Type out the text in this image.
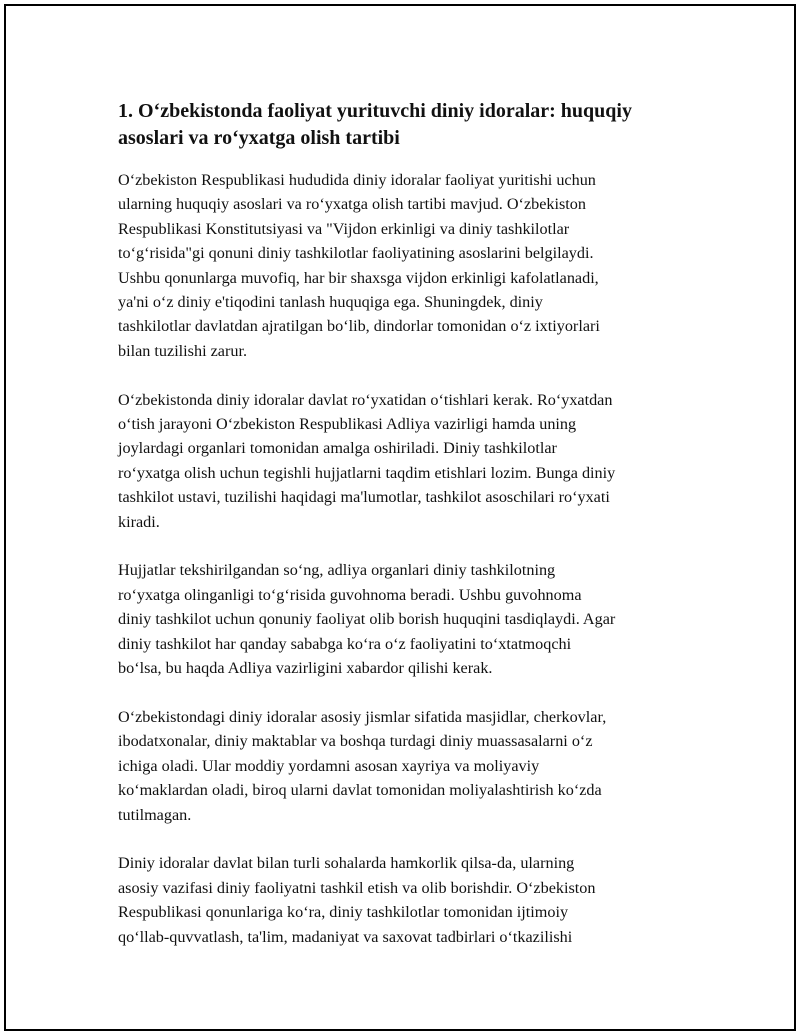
1. O‘zbekistonda faoliyat yurituvchi diniy idoralar: huquqiy
asoslari va ro‘yxatga olish tartibi

O‘zbekiston Respublikasi hududida diniy idoralar faoliyat yuritishi uchun
ularning huquqiy asoslari va ro‘yxatga olish tartibi mavjud. O‘zbekiston
Respublikasi Konstitutsiyasi va "Vijdon erkinligi va diniy tashkilotlar
to‘g‘risida"gi qonuni diniy tashkilotlar faoliyatining asoslarini belgilaydi.
Ushbu qonunlarga muvofiq, har bir shaxsga vijdon erkinligi kafolatlanadi,
ya'ni o‘z diniy e'tiqodini tanlash huquqiga ega. Shuningdek, diniy
tashkilotlar davlatdan ajratilgan bo‘lib, dindorlar tomonidan o‘z ixtiyorlari
bilan tuzilishi zarur.

O‘zbekistonda diniy idoralar davlat ro‘yxatidan o‘tishlari kerak. Ro‘yxatdan
o‘tish jarayoni O‘zbekiston Respublikasi Adliya vazirligi hamda uning
joylardagi organlari tomonidan amalga oshiriladi. Diniy tashkilotlar
ro‘yxatga olish uchun tegishli hujjatlarni taqdim etishlari lozim. Bunga diniy
tashkilot ustavi, tuzilishi haqidagi ma'lumotlar, tashkilot asoschilari ro‘yxati
kiradi.

Hujjatlar tekshirilgandan so‘ng, adliya organlari diniy tashkilotning
ro‘yxatga olinganligi to‘g‘risida guvohnoma beradi. Ushbu guvohnoma
diniy tashkilot uchun qonuniy faoliyat olib borish huquqini tasdiqlaydi. Agar
diniy tashkilot har qanday sababga ko‘ra o‘z faoliyatini to‘xtatmoqchi
bo‘lsa, bu haqda Adliya vazirligini xabardor qilishi kerak.

O‘zbekistondagi diniy idoralar asosiy jismlar sifatida masjidlar, cherkovlar,
ibodatxonalar, diniy maktablar va boshqa turdagi diniy muassasalarni o‘z
ichiga oladi. Ular moddiy yordamni asosan xayriya va moliyaviy
ko‘maklardan oladi, biroq ularni davlat tomonidan moliyalashtirish ko‘zda
tutilmagan.

Diniy idoralar davlat bilan turli sohalarda hamkorlik qilsa-da, ularning
asosiy vazifasi diniy faoliyatni tashkil etish va olib borishdir. O‘zbekiston
Respublikasi qonunlariga ko‘ra, diniy tashkilotlar tomonidan ijtimoiy
qo‘llab-quvvatlash, ta'lim, madaniyat va saxovat tadbirlari o‘tkazilishi
